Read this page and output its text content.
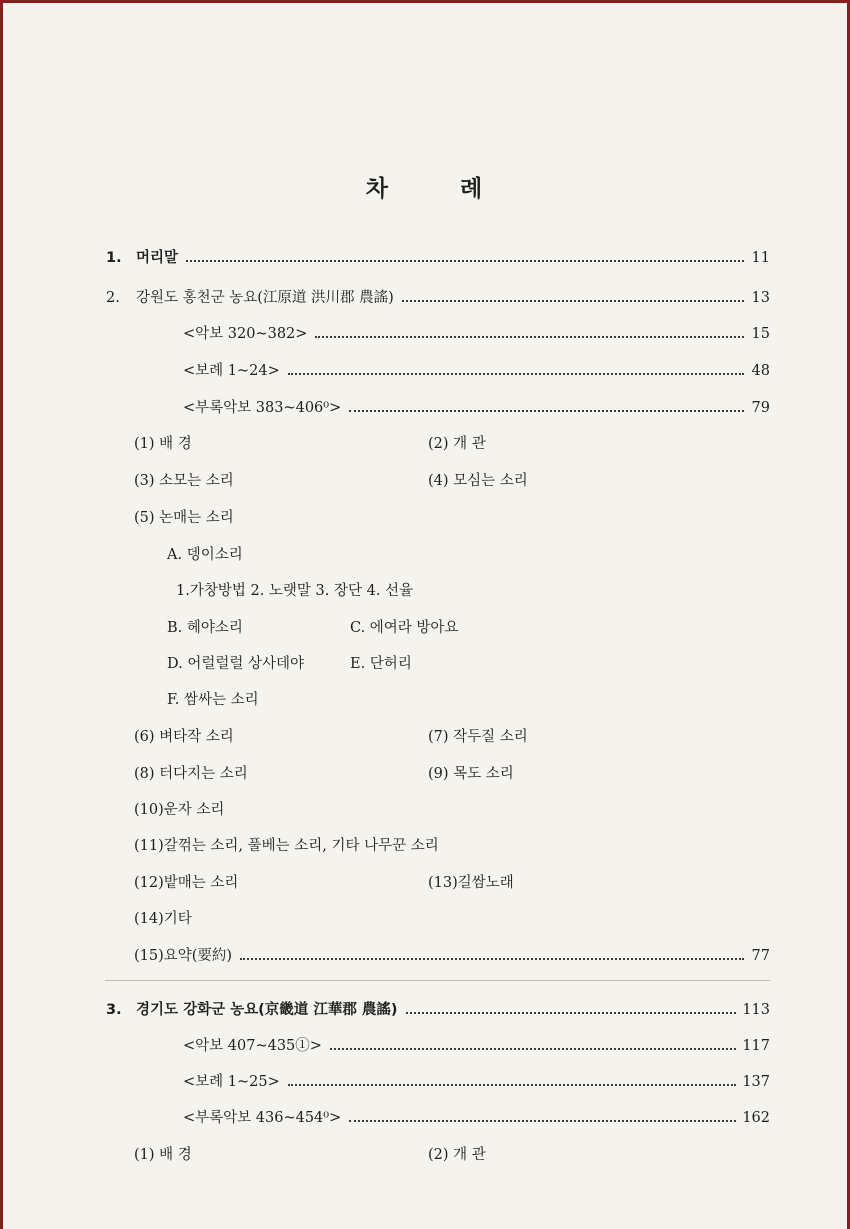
차	례
1. 머리말	11
2.	강원도 홍천군 농요(江原道 洪川郡 農謠)	13
<악보 320~382>	15
<보례 1~24>	48
<부록악보 383~406⁰>	79
(1) 배 경	(2) 개 관
(3) 소모는 소리	(4) 모심는 소리
(5) 논매는 소리
A. 뎅이소리
1.가창방법 2. 노랫말 3. 장단 4. 선율
B. 헤야소리	C. 에여라 방아요
D. 어럴럴럴 상사데야	E. 단허리
F. 쌈싸는 소리
(6) 벼타작 소리	(7) 작두질 소리
(8) 터다지는 소리	(9) 목도 소리
(10)운자 소리
(11)갈꺾는 소리, 풀베는 소리, 기타 나무꾼 소리
(12)밭매는 소리	(13)길쌈노래
(14)기타
(15)요약(要約)	77
3. 경기도 강화군 농요(京畿道 江華郡 農謠)	113
<악보 407~435①>	117
<보례 1~25>	137
<부록악보 436~454⁰>	162
(1) 배 경	(2) 개 관
